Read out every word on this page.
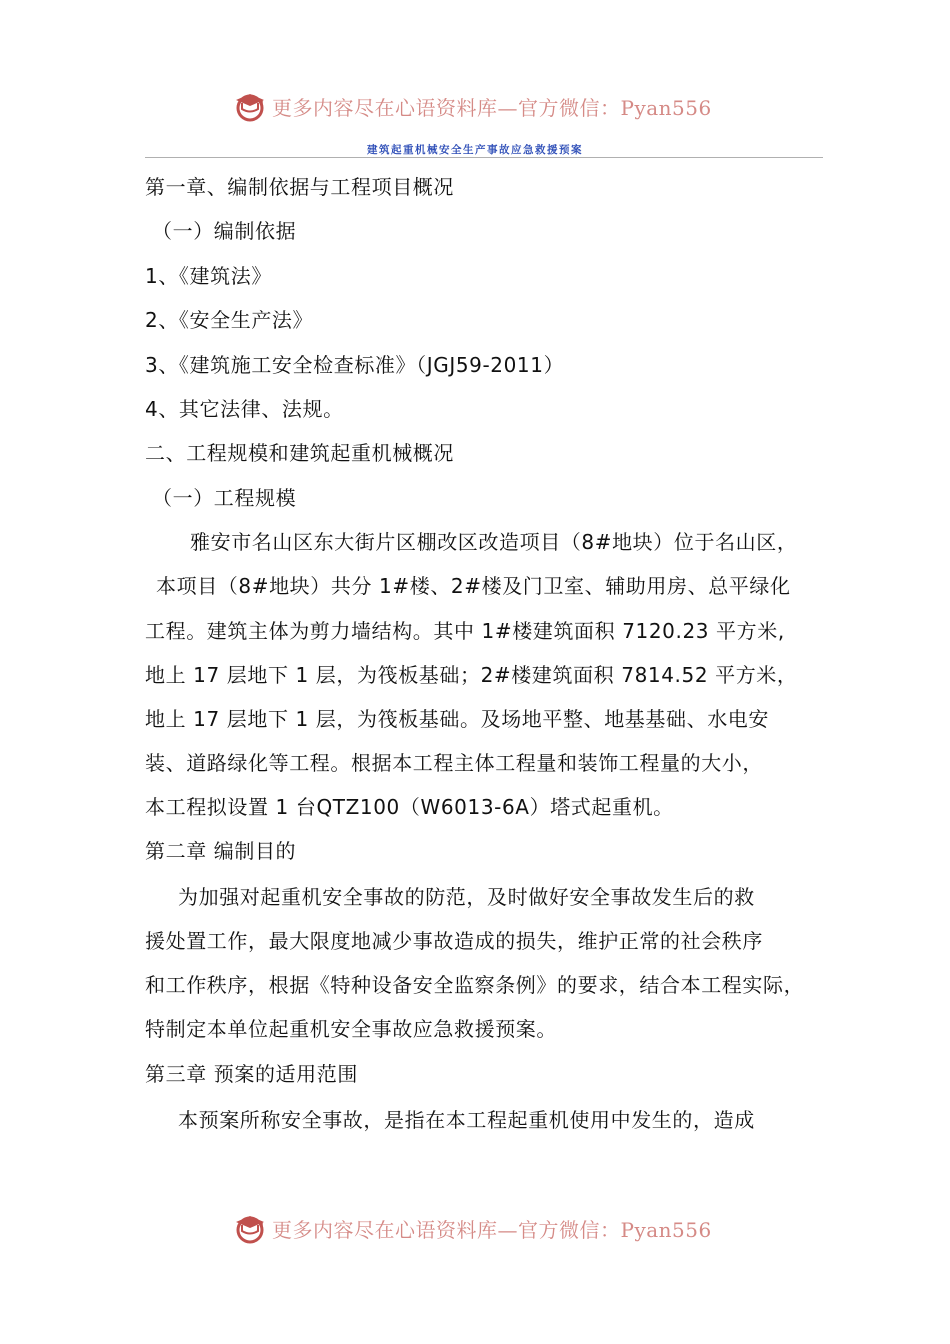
更多内容尽在心语资料库—官方微信：Pyan556
建筑起重机械安全生产事故应急救援预案
第一章、编制依据与工程项目概况
（一）编制依据
1、《建筑法》
2、《安全生产法》
3、《建筑施工安全检查标准》（JGJ59-2011）
4、其它法律、法规。
二、工程规模和建筑起重机械概况
（一）工程规模
雅安市名山区东大街片区棚改区改造项目（8#地块）位于名山区，
本项目（8#地块）共分 1#楼、2#楼及门卫室、辅助用房、总平绿化
工程。建筑主体为剪力墙结构。其中 1#楼建筑面积 7120.23 平方米,
地上 17 层地下 1 层，为筏板基础；2#楼建筑面积 7814.52 平方米，
地上 17 层地下 1 层，为筏板基础。及场地平整、地基基础、水电安
装、道路绿化等工程。根据本工程主体工程量和装饰工程量的大小，
本工程拟设置 1 台QTZ100（W6013-6A）塔式起重机。
第二章 编制目的
为加强对起重机安全事故的防范，及时做好安全事故发生后的救
援处置工作，最大限度地减少事故造成的损失，维护正常的社会秩序
和工作秩序，根据《特种设备安全监察条例》的要求，结合本工程实际，
特制定本单位起重机安全事故应急救援预案。
第三章 预案的适用范围
本预案所称安全事故，是指在本工程起重机使用中发生的，造成
更多内容尽在心语资料库—官方微信：Pyan556
